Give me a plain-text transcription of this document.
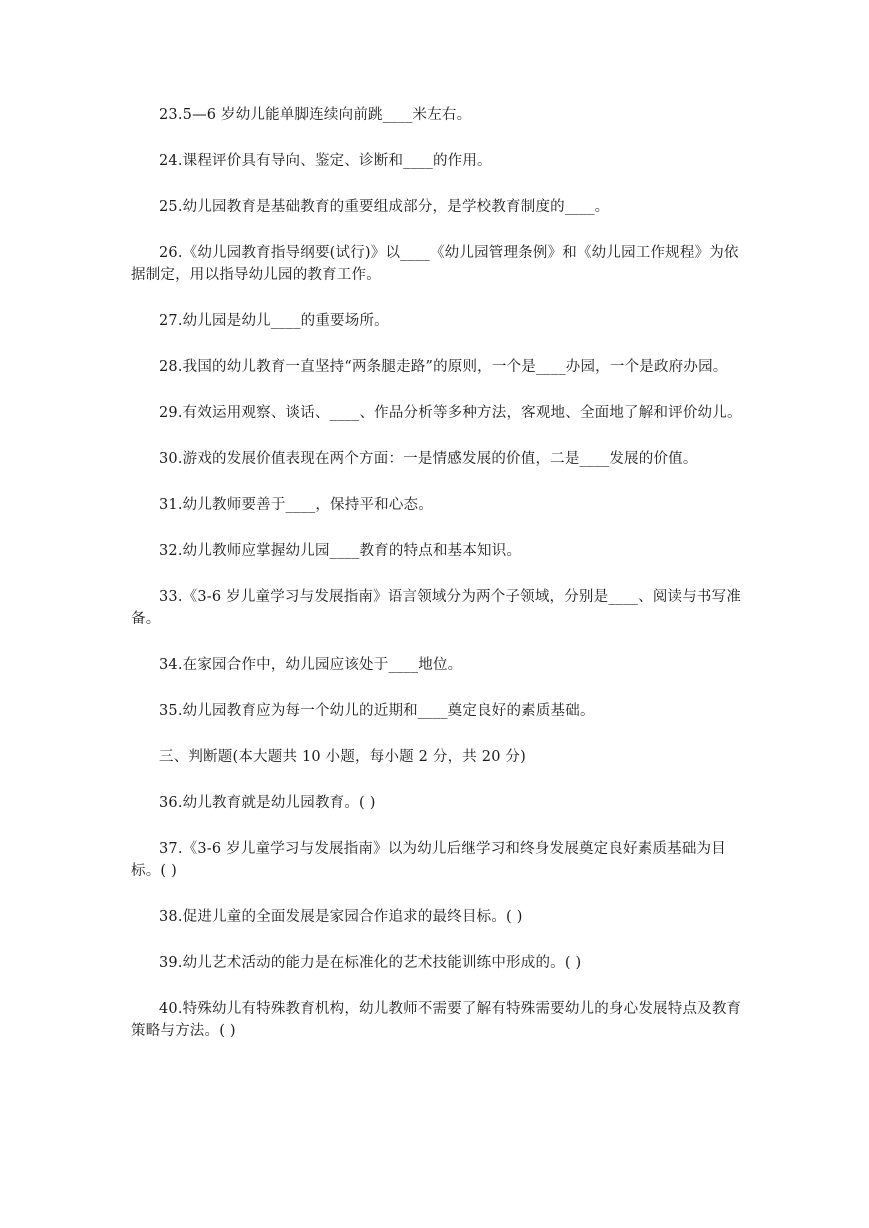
23.5—6 岁幼儿能单脚连续向前跳____米左右。

24.课程评价具有导向、鉴定、诊断和____的作用。

25.幼儿园教育是基础教育的重要组成部分，是学校教育制度的____。

26.《幼儿园教育指导纲要(试行)》以____《幼儿园管理条例》和《幼儿园工作规程》为依据制定，用以指导幼儿园的教育工作。

27.幼儿园是幼儿____的重要场所。

28.我国的幼儿教育一直坚持“两条腿走路”的原则，一个是____办园，一个是政府办园。

29.有效运用观察、谈话、____、作品分析等多种方法，客观地、全面地了解和评价幼儿。

30.游戏的发展价值表现在两个方面：一是情感发展的价值，二是____发展的价值。

31.幼儿教师要善于____，保持平和心态。

32.幼儿教师应掌握幼儿园____教育的特点和基本知识。

33.《3-6 岁儿童学习与发展指南》语言领域分为两个子领域，分别是____、阅读与书写准备。

34.在家园合作中，幼儿园应该处于____地位。

35.幼儿园教育应为每一个幼儿的近期和____奠定良好的素质基础。

三、判断题(本大题共 10 小题，每小题 2 分，共 20 分)

36.幼儿教育就是幼儿园教育。( )

37.《3-6 岁儿童学习与发展指南》以为幼儿后继学习和终身发展奠定良好素质基础为目标。( )

38.促进儿童的全面发展是家园合作追求的最终目标。( )

39.幼儿艺术活动的能力是在标准化的艺术技能训练中形成的。( )

40.特殊幼儿有特殊教育机构，幼儿教师不需要了解有特殊需要幼儿的身心发展特点及教育策略与方法。( )
